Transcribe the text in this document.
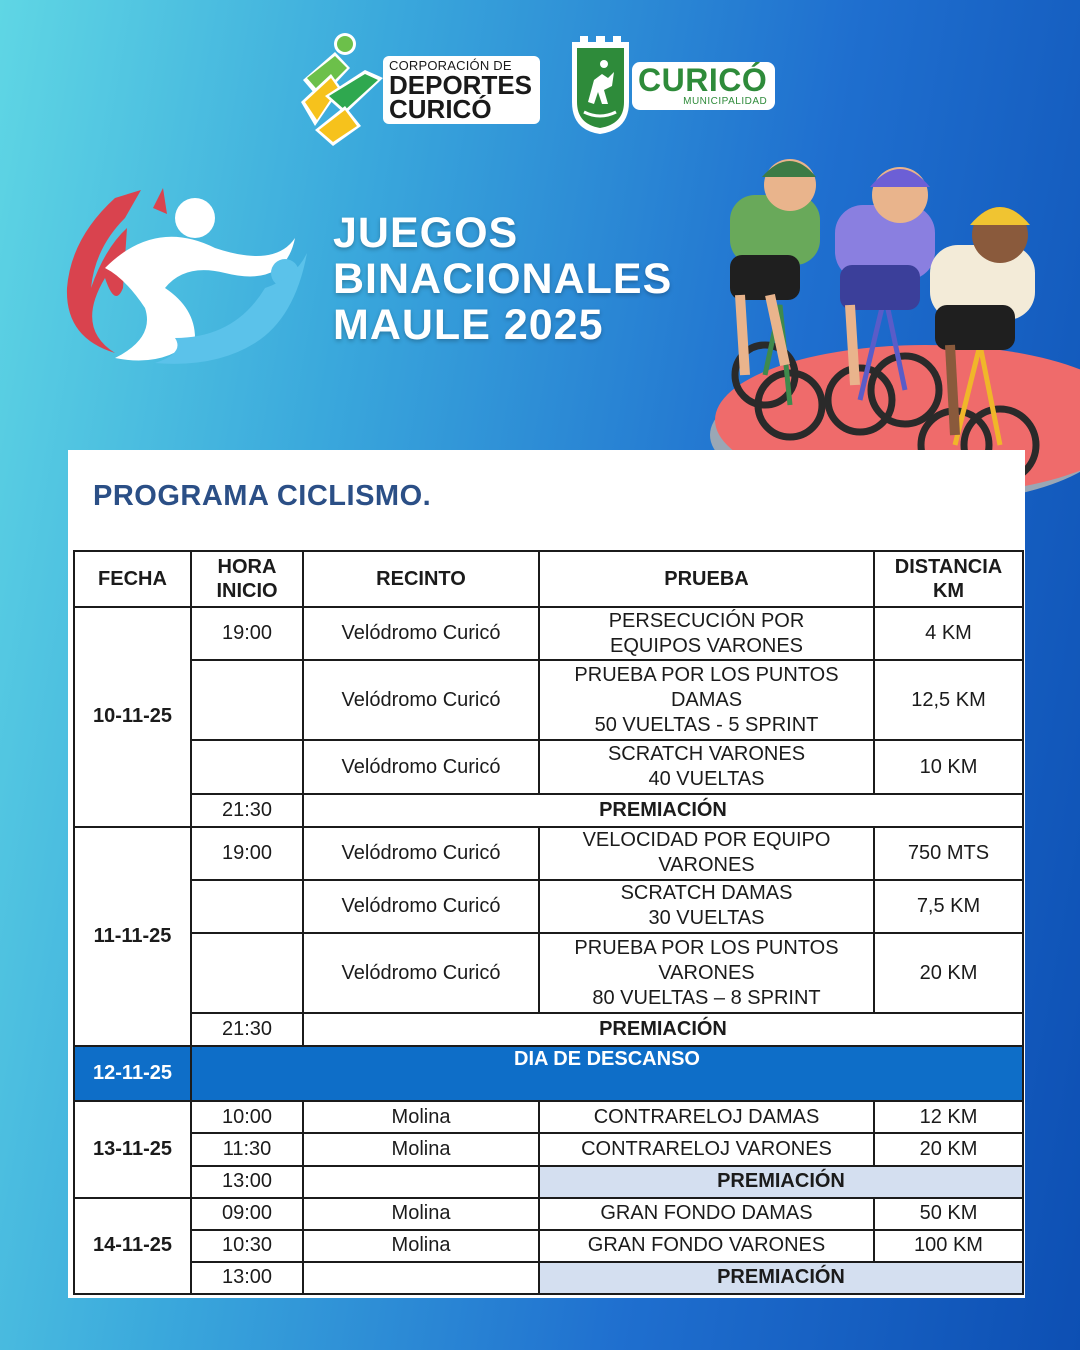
CORPORACIÓN DE
DEPORTES
CURICÓ
CURICÓ
MUNICIPALIDAD
JUEGOS
BINACIONALES
MAULE 2025
PROGRAMA CICLISMO.
FECHA	HORA
INICIO	RECINTO	PRUEBA	DISTANCIA
KM
10-11-25	19:00	Velódromo Curicó	PERSECUCIÓN POR
EQUIPOS VARONES	4 KM
		Velódromo Curicó	PRUEBA POR LOS PUNTOS
DAMAS
50 VUELTAS - 5 SPRINT	12,5 KM
		Velódromo Curicó	SCRATCH VARONES
40 VUELTAS	10 KM
	21:30	PREMIACIÓN		
11-11-25	19:00	Velódromo Curicó	VELOCIDAD POR EQUIPO
VARONES	750 MTS
		Velódromo Curicó	SCRATCH DAMAS
30 VUELTAS	7,5 KM
		Velódromo Curicó	PRUEBA POR LOS PUNTOS
VARONES
80 VUELTAS – 8 SPRINT	20 KM
	21:30	PREMIACIÓN		
12-11-25	DIA DE DESCANSO			
13-11-25	10:00	Molina	CONTRARELOJ DAMAS	12 KM
	11:30	Molina	CONTRARELOJ VARONES	20 KM
	13:00		PREMIACIÓN	
14-11-25	09:00	Molina	GRAN FONDO DAMAS	50 KM
	10:30	Molina	GRAN FONDO VARONES	100 KM
	13:00		PREMIACIÓN	
